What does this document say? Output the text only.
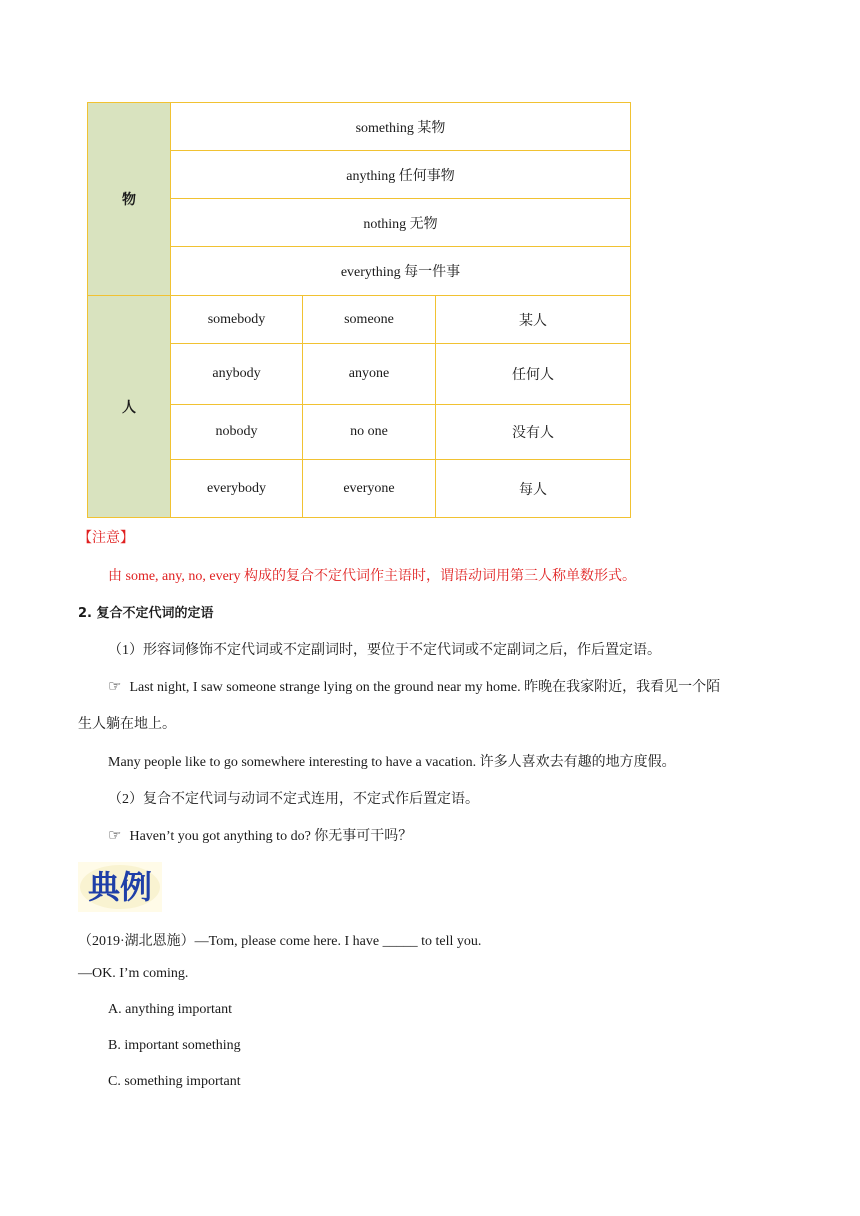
物
人
something 某物
anything 任何事物
nothing 无物
everything 每一件事
somebody	someone	某人
anybody	anyone	任何人
nobody	no one	没有人
everybody	everyone	每人
【注意】
由 some, any, no, every 构成的复合不定代词作主语时，谓语动词用第三人称单数形式。
2. 复合不定代词的定语
（1）形容词修饰不定代词或不定副词时，要位于不定代词或不定副词之后，作后置定语。
☞ Last night, I saw someone strange lying on the ground near my home. 昨晚在我家附近，我看见一个陌
生人躺在地上。
Many people like to go somewhere interesting to have a vacation. 许多人喜欢去有趣的地方度假。
（2）复合不定代词与动词不定式连用，不定式作后置定语。
☞ Haven’t you got anything to do? 你无事可干吗？
典例
（2019·湖北恩施）—Tom, please come here. I have _____ to tell you.
—OK. I’m coming.
A. anything important
B. important something
C. something important
